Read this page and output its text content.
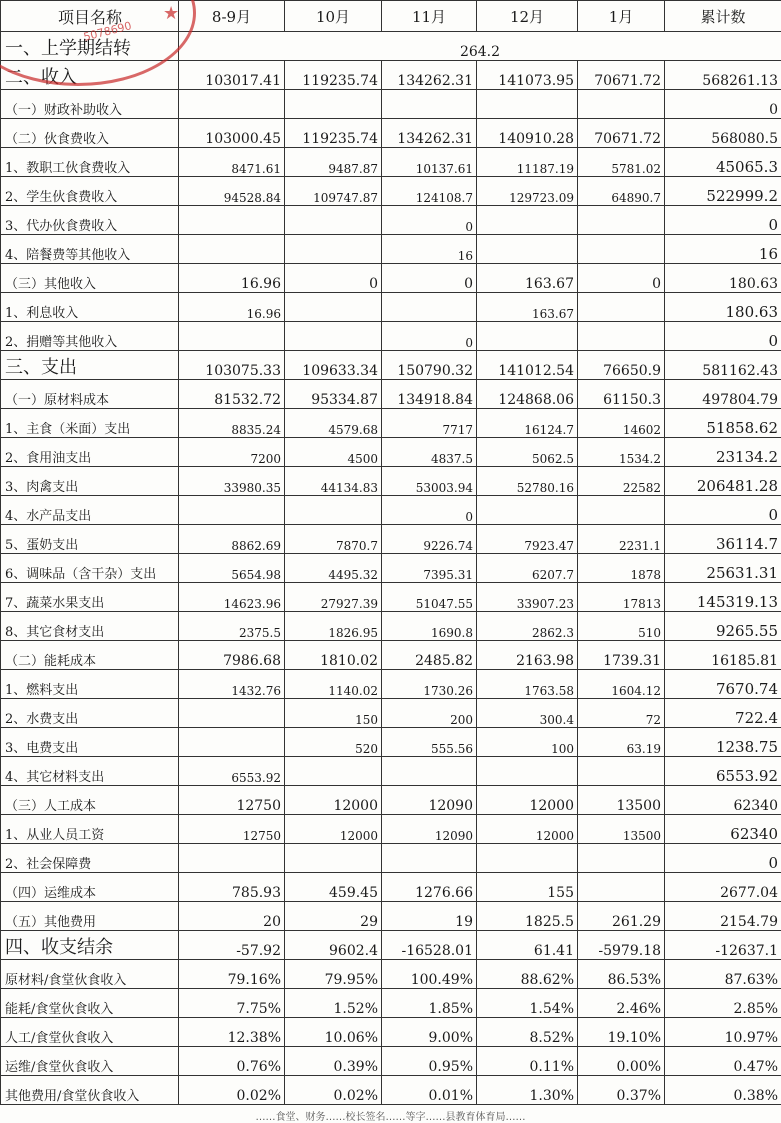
项目名称	8-9月	10月	11月	12月	1月	累计数
一、上学期结转	264.2					
二、收入	103017.41	119235.74	134262.31	141073.95	70671.72	568261.13
（一）财政补助收入						0
（二）伙食费收入	103000.45	119235.74	134262.31	140910.28	70671.72	568080.5
1、教职工伙食费收入	8471.61	9487.87	10137.61	11187.19	5781.02	45065.3
2、学生伙食费收入	94528.84	109747.87	124108.7	129723.09	64890.7	522999.2
3、代办伙食费收入			0			0
4、陪餐费等其他收入			16			16
（三）其他收入	16.96	0	0	163.67	0	180.63
1、利息收入	16.96			163.67		180.63
2、捐赠等其他收入			0			0
三、支出	103075.33	109633.34	150790.32	141012.54	76650.9	581162.43
（一）原材料成本	81532.72	95334.87	134918.84	124868.06	61150.3	497804.79
1、主食（米面）支出	8835.24	4579.68	7717	16124.7	14602	51858.62
2、食用油支出	7200	4500	4837.5	5062.5	1534.2	23134.2
3、肉禽支出	33980.35	44134.83	53003.94	52780.16	22582	206481.28
4、水产品支出			0			0
5、蛋奶支出	8862.69	7870.7	9226.74	7923.47	2231.1	36114.7
6、调味品（含干杂）支出	5654.98	4495.32	7395.31	6207.7	1878	25631.31
7、蔬菜水果支出	14623.96	27927.39	51047.55	33907.23	17813	145319.13
8、其它食材支出	2375.5	1826.95	1690.8	2862.3	510	9265.55
（二）能耗成本	7986.68	1810.02	2485.82	2163.98	1739.31	16185.81
1、燃料支出	1432.76	1140.02	1730.26	1763.58	1604.12	7670.74
2、水费支出		150	200	300.4	72	722.4
3、电费支出		520	555.56	100	63.19	1238.75
4、其它材料支出	6553.92					6553.92
（三）人工成本	12750	12000	12090	12000	13500	62340
1、从业人员工资	12750	12000	12090	12000	13500	62340
2、社会保障费						0
（四）运维成本	785.93	459.45	1276.66	155		2677.04
（五）其他费用	20	29	19	1825.5	261.29	2154.79
四、收支结余	-57.92	9602.4	-16528.01	61.41	-5979.18	-12637.1
原材料/食堂伙食收入	79.16%	79.95%	100.49%	88.62%	86.53%	87.63%
能耗/食堂伙食收入	7.75%	1.52%	1.85%	1.54%	2.46%	2.85%
人工/食堂伙食收入	12.38%	10.06%	9.00%	8.52%	19.10%	10.97%
运维/食堂伙食收入	0.76%	0.39%	0.95%	0.11%	0.00%	0.47%
其他费用/食堂伙食收入	0.02%	0.02%	0.01%	1.30%	0.37%	0.38%
5078690
★
……食堂、财务……校长签名……等字……县教育体育局……
